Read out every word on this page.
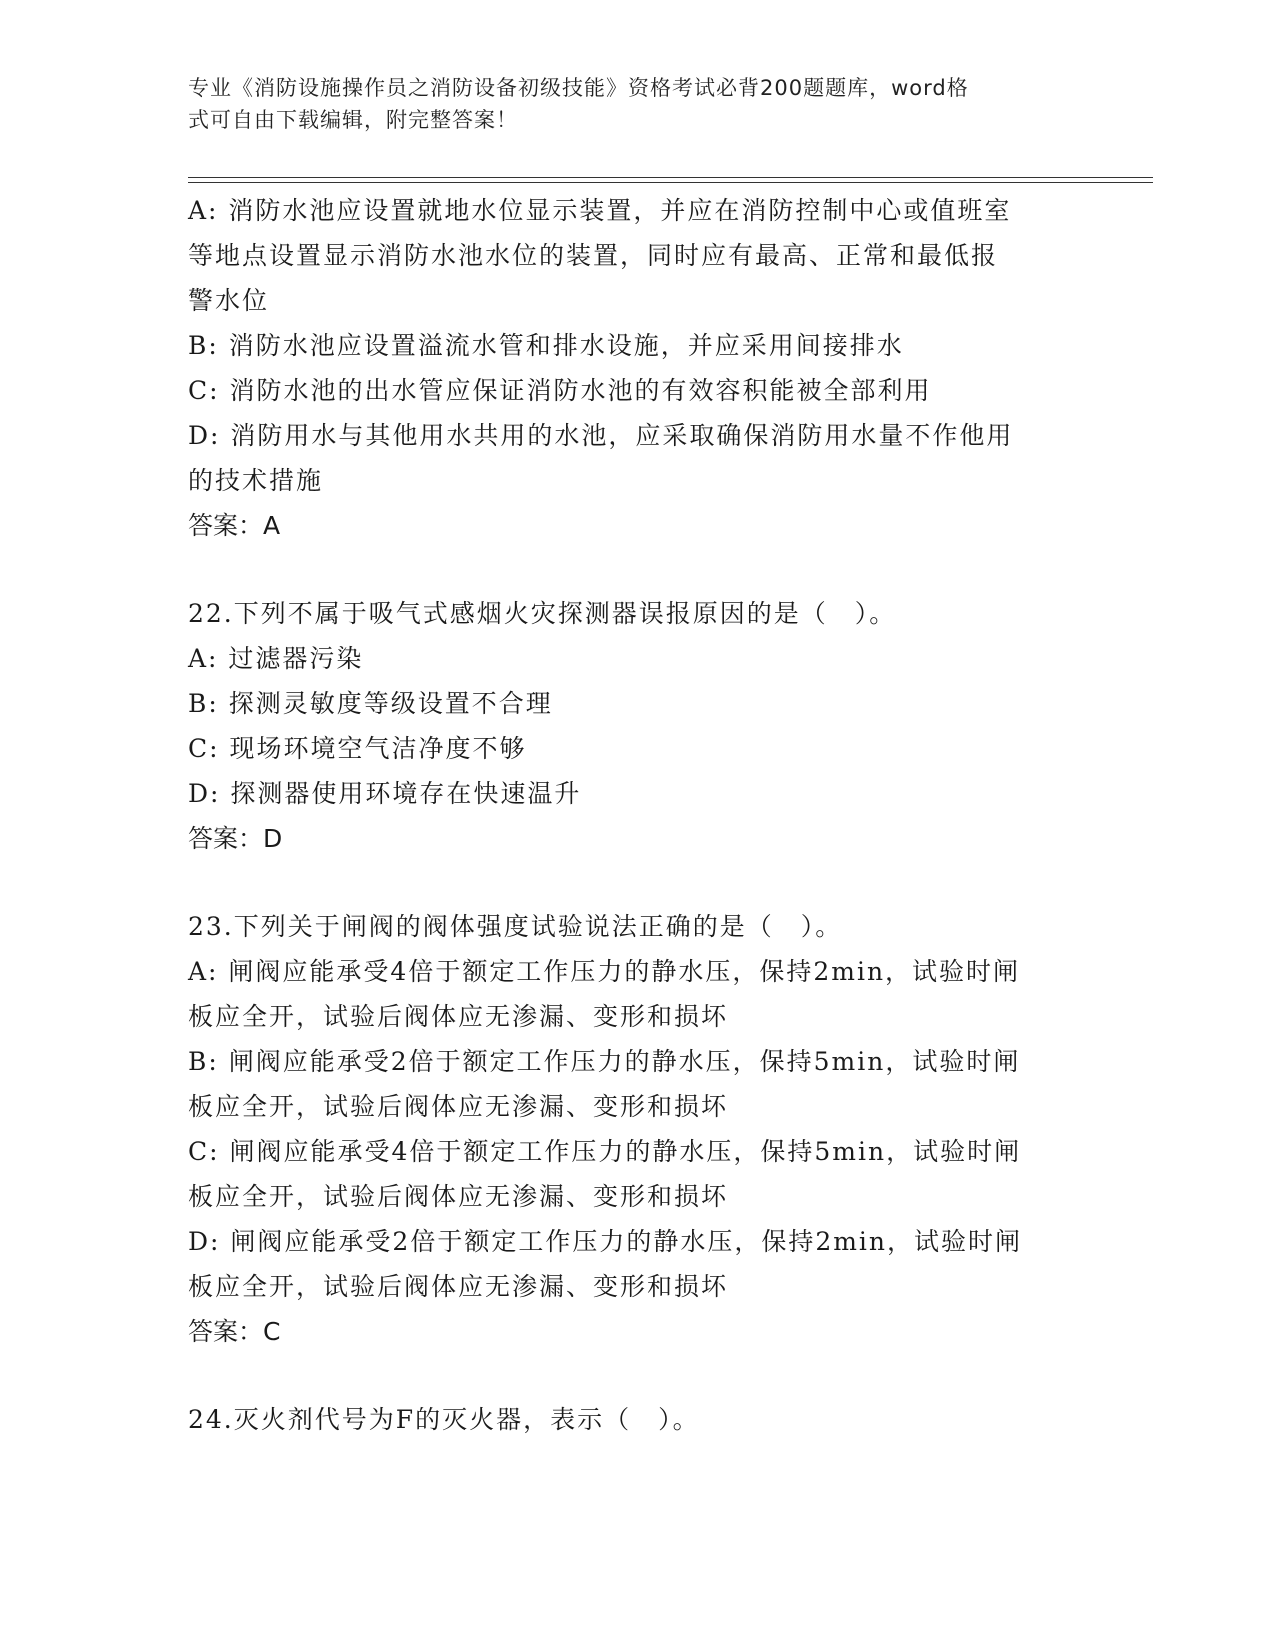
专业《消防设施操作员之消防设备初级技能》资格考试必背200题题库，word格
式可自由下载编辑，附完整答案！
A: 消防水池应设置就地水位显示装置，并应在消防控制中心或值班室
等地点设置显示消防水池水位的装置，同时应有最高、正常和最低报
警水位
B: 消防水池应设置溢流水管和排水设施，并应采用间接排水
C: 消防水池的出水管应保证消防水池的有效容积能被全部利用
D: 消防用水与其他用水共用的水池，应采取确保消防用水量不作他用
的技术措施
答案：A
22.下列不属于吸气式感烟火灾探测器误报原因的是（　）。
A: 过滤器污染
B: 探测灵敏度等级设置不合理
C: 现场环境空气洁净度不够
D: 探测器使用环境存在快速温升
答案：D
23.下列关于闸阀的阀体强度试验说法正确的是（　）。
A: 闸阀应能承受4倍于额定工作压力的静水压，保持2min，试验时闸
板应全开，试验后阀体应无渗漏、变形和损坏
B: 闸阀应能承受2倍于额定工作压力的静水压，保持5min，试验时闸
板应全开，试验后阀体应无渗漏、变形和损坏
C: 闸阀应能承受4倍于额定工作压力的静水压，保持5min，试验时闸
板应全开，试验后阀体应无渗漏、变形和损坏
D: 闸阀应能承受2倍于额定工作压力的静水压，保持2min，试验时闸
板应全开，试验后阀体应无渗漏、变形和损坏
答案：C
24.灭火剂代号为F的灭火器，表示（　）。
